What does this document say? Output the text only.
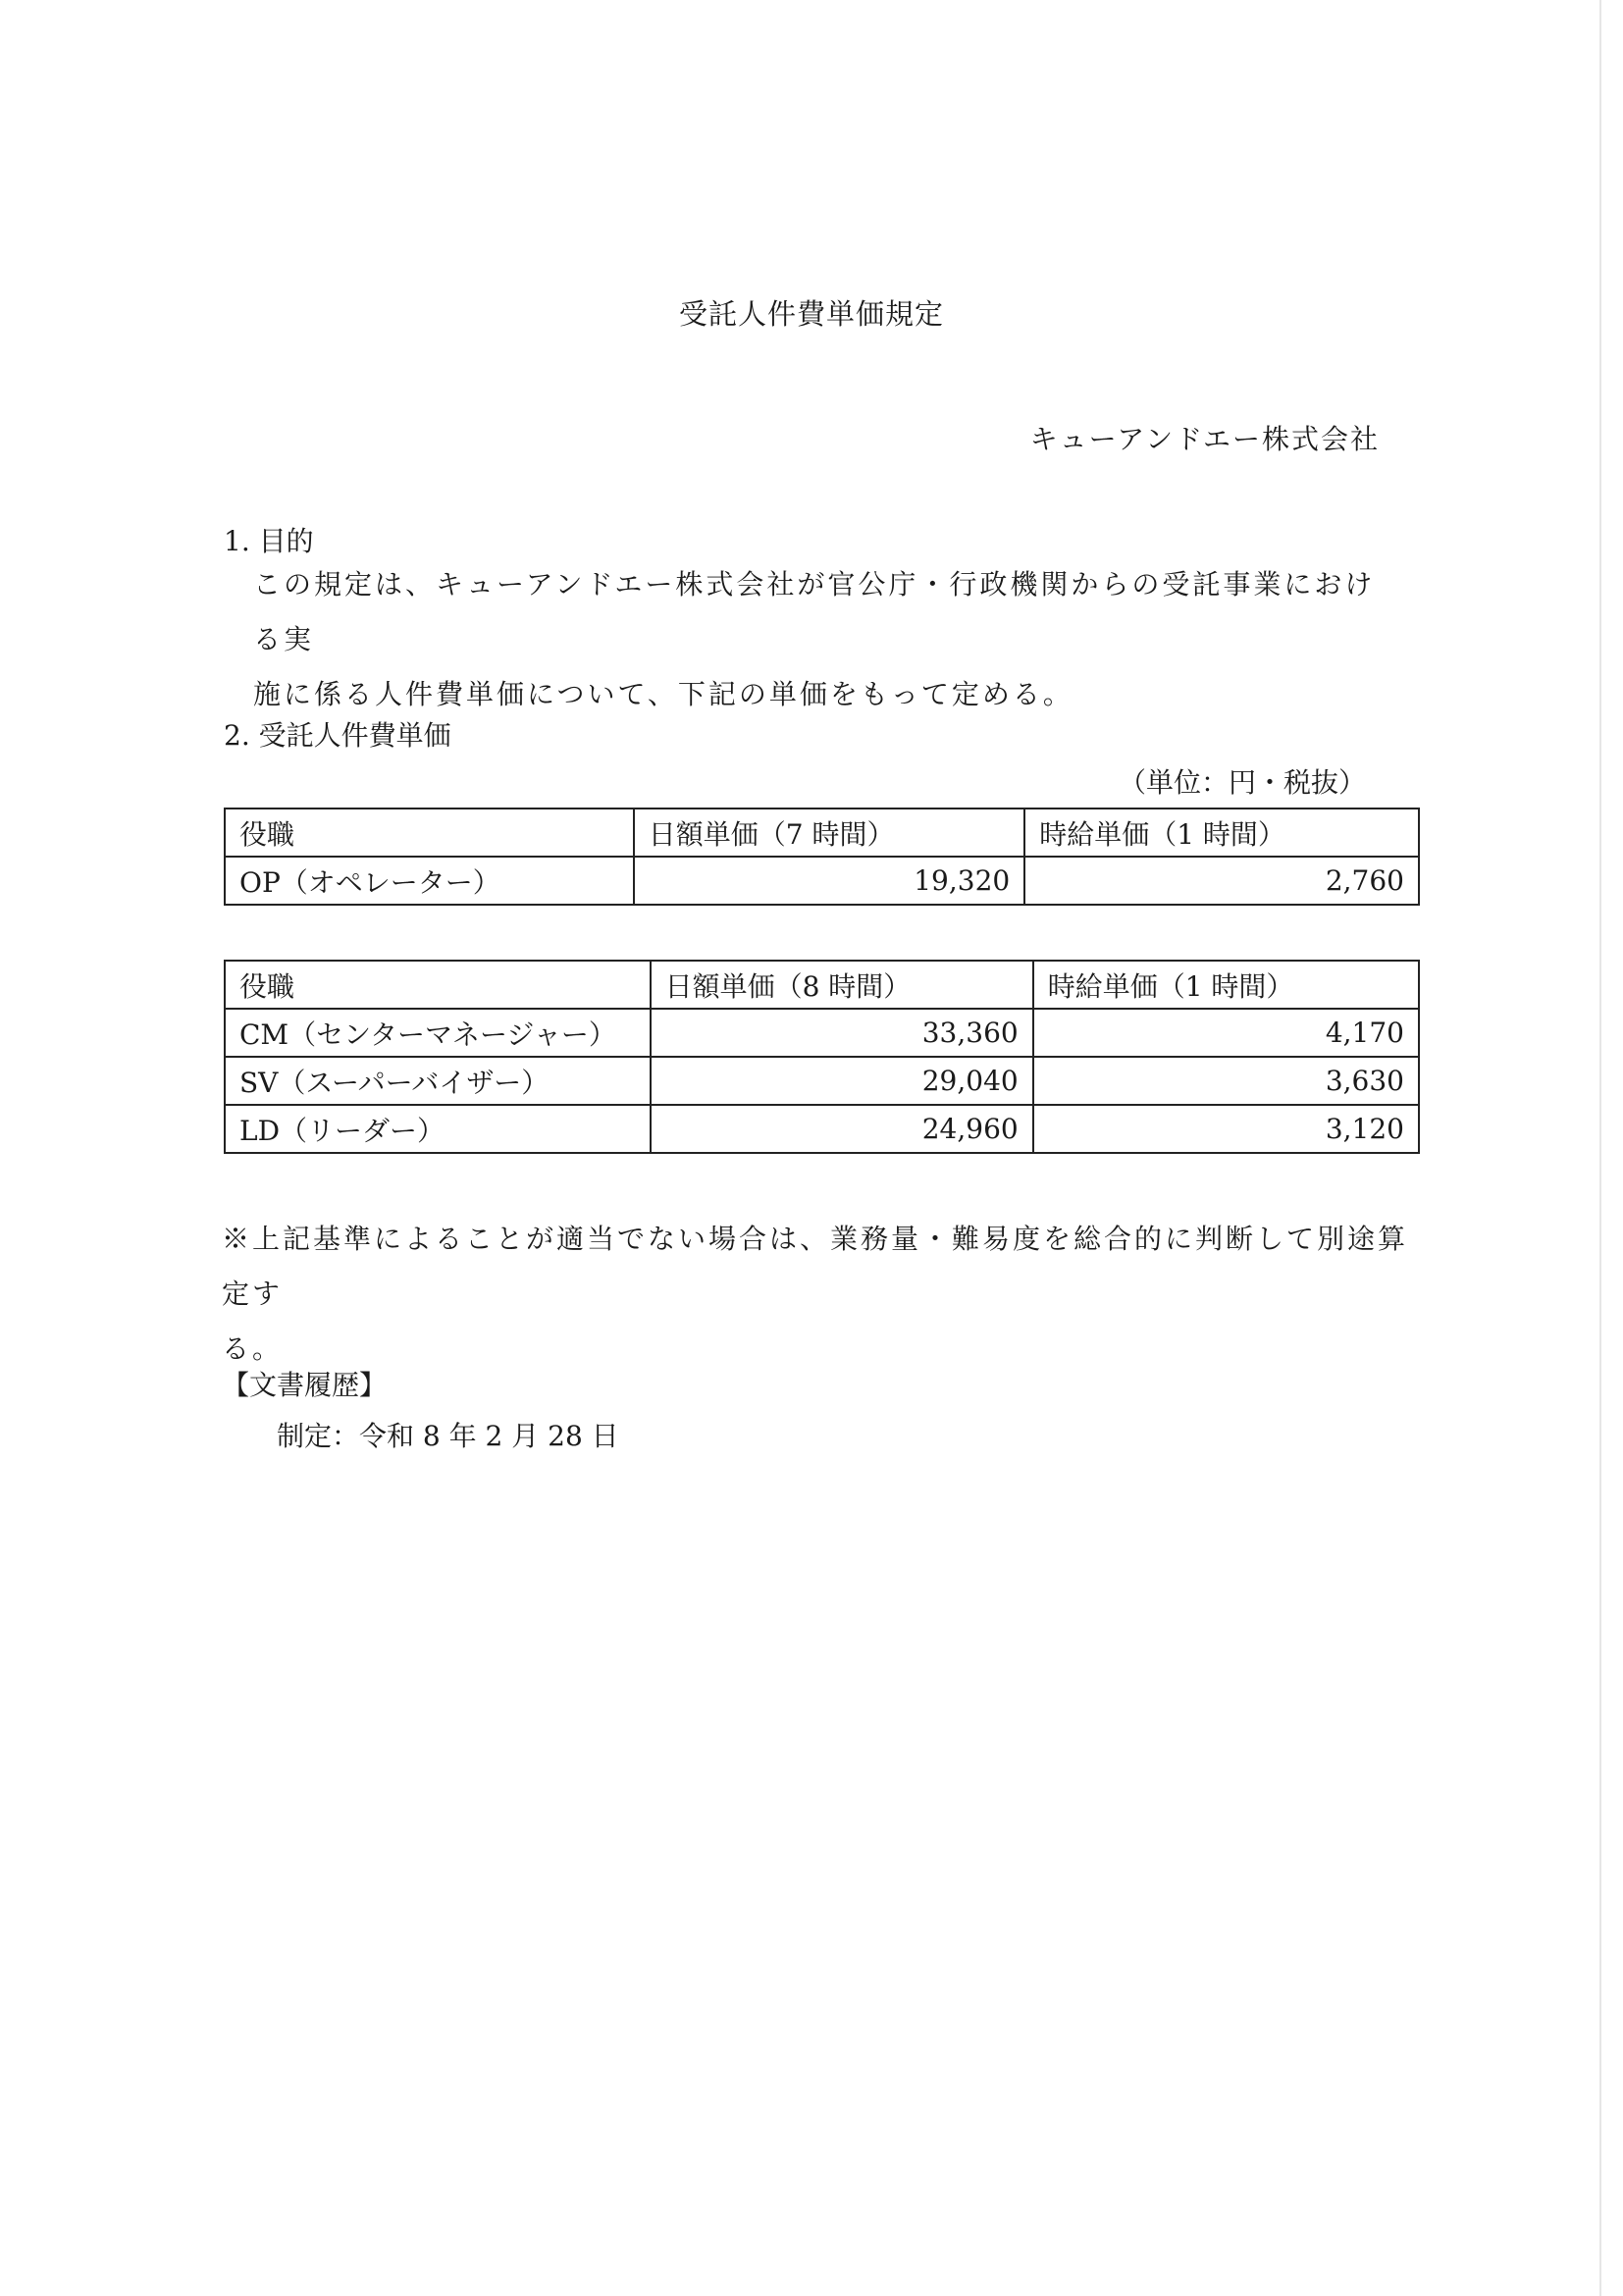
受託人件費単価規定
キューアンドエー株式会社
1. 目的
この規定は、キューアンドエー株式会社が官公庁・行政機関からの受託事業における実
施に係る人件費単価について、下記の単価をもって定める。
2. 受託人件費単価
（単位：円・税抜）
役職	日額単価（7 時間）	時給単価（1 時間）
OP（オペレーター）	19,320	2,760
役職	日額単価（8 時間）	時給単価（1 時間）
CM（センターマネージャー）	33,360	4,170
SV（スーパーバイザー）	29,040	3,630
LD（リーダー）	24,960	3,120
※上記基準によることが適当でない場合は、業務量・難易度を総合的に判断して別途算定す
る。
【文書履歴】
制定：令和 8 年 2 月 28 日
